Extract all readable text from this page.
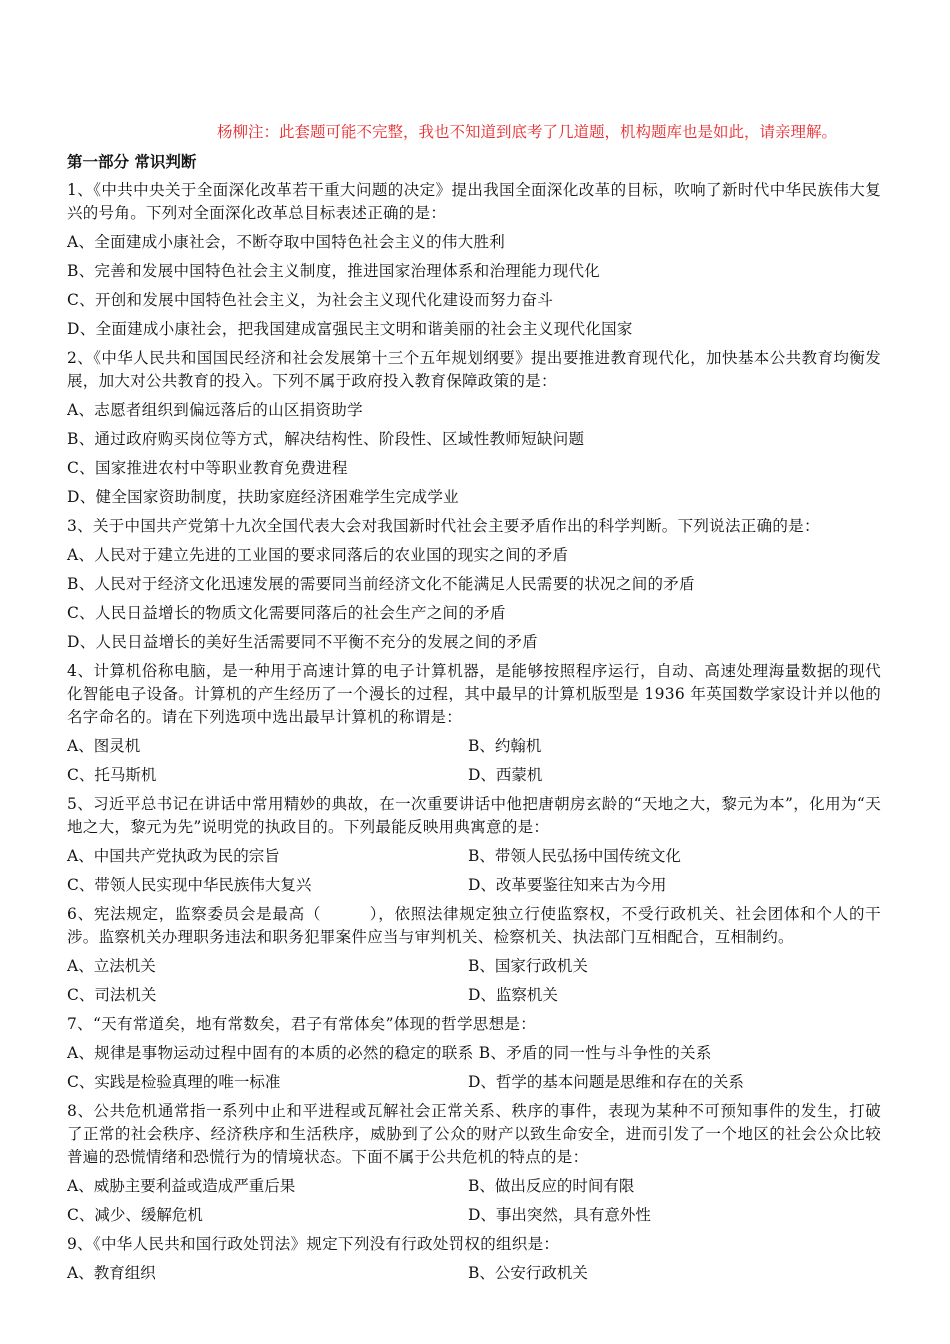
杨柳注：此套题可能不完整，我也不知道到底考了几道题，机构题库也是如此，请亲理解。
第一部分 常识判断
1、《中共中央关于全面深化改革若干重大问题的决定》提出我国全面深化改革的目标，吹响了新时代中华民族伟大复兴的号角。下列对全面深化改革总目标表述正确的是：
A、全面建成小康社会，不断夺取中国特色社会主义的伟大胜利
B、完善和发展中国特色社会主义制度，推进国家治理体系和治理能力现代化
C、开创和发展中国特色社会主义，为社会主义现代化建设而努力奋斗
D、全面建成小康社会，把我国建成富强民主文明和谐美丽的社会主义现代化国家
2、《中华人民共和国国民经济和社会发展第十三个五年规划纲要》提出要推进教育现代化，加快基本公共教育均衡发展，加大对公共教育的投入。下列不属于政府投入教育保障政策的是：
A、志愿者组织到偏远落后的山区捐资助学
B、通过政府购买岗位等方式，解决结构性、阶段性、区域性教师短缺问题
C、国家推进农村中等职业教育免费进程
D、健全国家资助制度，扶助家庭经济困难学生完成学业
3、关于中国共产党第十九次全国代表大会对我国新时代社会主要矛盾作出的科学判断。下列说法正确的是：
A、人民对于建立先进的工业国的要求同落后的农业国的现实之间的矛盾
B、人民对于经济文化迅速发展的需要同当前经济文化不能满足人民需要的状况之间的矛盾
C、人民日益增长的物质文化需要同落后的社会生产之间的矛盾
D、人民日益增长的美好生活需要同不平衡不充分的发展之间的矛盾
4、计算机俗称电脑，是一种用于高速计算的电子计算机器，是能够按照程序运行，自动、高速处理海量数据的现代化智能电子设备。计算机的产生经历了一个漫长的过程，其中最早的计算机版型是 1936 年英国数学家设计并以他的名字命名的。请在下列选项中选出最早计算机的称谓是：
A、图灵机	B、约翰机
C、托马斯机	D、西蒙机
5、习近平总书记在讲话中常用精妙的典故，在一次重要讲话中他把唐朝房玄龄的“天地之大，黎元为本”，化用为“天地之大，黎元为先”说明党的执政目的。下列最能反映用典寓意的是：
A、中国共产党执政为民的宗旨	B、带领人民弘扬中国传统文化
C、带领人民实现中华民族伟大复兴	D、改革要鉴往知来古为今用
6、宪法规定，监察委员会是最高（　　　），依照法律规定独立行使监察权，不受行政机关、社会团体和个人的干涉。监察机关办理职务违法和职务犯罪案件应当与审判机关、检察机关、执法部门互相配合，互相制约。
A、立法机关	B、国家行政机关
C、司法机关	D、监察机关
7、“天有常道矣，地有常数矣，君子有常体矣”体现的哲学思想是：
A、规律是事物运动过程中固有的本质的必然的稳定的联系 B、矛盾的同一性与斗争性的关系
C、实践是检验真理的唯一标准	D、哲学的基本问题是思维和存在的关系
8、公共危机通常指一系列中止和平进程或瓦解社会正常关系、秩序的事件，表现为某种不可预知事件的发生，打破了正常的社会秩序、经济秩序和生活秩序，威胁到了公众的财产以致生命安全，进而引发了一个地区的社会公众比较普遍的恐慌情绪和恐慌行为的情境状态。下面不属于公共危机的特点的是：
A、威胁主要利益或造成严重后果	B、做出反应的时间有限
C、减少、缓解危机	D、事出突然，具有意外性
9、《中华人民共和国行政处罚法》规定下列没有行政处罚权的组织是：
A、教育组织	B、公安行政机关
